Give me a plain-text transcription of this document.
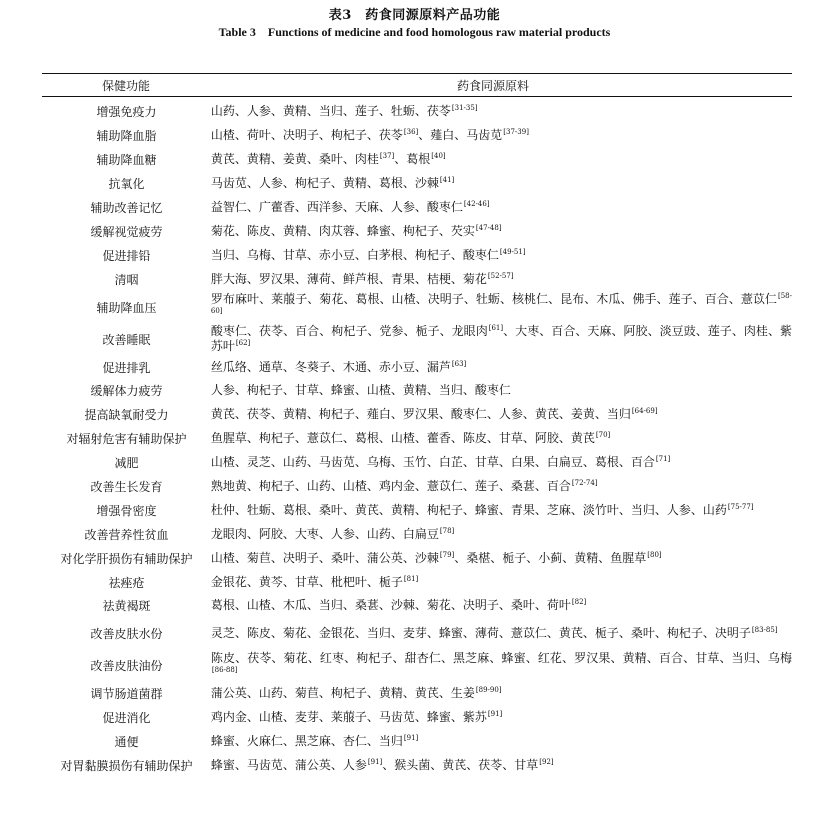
表3　药食同源原料产品功能
Table 3　Functions of medicine and food homologous raw material products
保健功能	药食同源原料
增强免疫力	山药、人参、黄精、当归、莲子、牡蛎、茯苓[31-35]
辅助降血脂	山楂、荷叶、决明子、枸杞子、茯苓[36]、薤白、马齿苋[37-39]
辅助降血糖	黄芪、黄精、姜黄、桑叶、肉桂[37]、葛根[40]
抗氧化	马齿苋、人参、枸杞子、黄精、葛根、沙棘[41]
辅助改善记忆	益智仁、广藿香、西洋参、天麻、人参、酸枣仁[42-46]
缓解视觉疲劳	菊花、陈皮、黄精、肉苁蓉、蜂蜜、枸杞子、芡实[47-48]
促进排铅	当归、乌梅、甘草、赤小豆、白茅根、枸杞子、酸枣仁[49-51]
清咽	胖大海、罗汉果、薄荷、鲜芦根、青果、桔梗、菊花[52-57]
辅助降血压	罗布麻叶、莱菔子、菊花、葛根、山楂、决明子、牡蛎、核桃仁、昆布、木瓜、佛手、莲子、百合、薏苡仁[58-60]
改善睡眠	酸枣仁、茯苓、百合、枸杞子、党参、栀子、龙眼肉[61]、大枣、百合、天麻、阿胶、淡豆豉、莲子、肉桂、紫苏叶[62]
促进排乳	丝瓜络、通草、冬葵子、木通、赤小豆、漏芦[63]
缓解体力疲劳	人参、枸杞子、甘草、蜂蜜、山楂、黄精、当归、酸枣仁
提高缺氧耐受力	黄芪、茯苓、黄精、枸杞子、薤白、罗汉果、酸枣仁、人参、黄芪、姜黄、当归[64-69]
对辐射危害有辅助保护	鱼腥草、枸杞子、薏苡仁、葛根、山楂、藿香、陈皮、甘草、阿胶、黄芪[70]
减肥	山楂、灵芝、山药、马齿苋、乌梅、玉竹、白芷、甘草、白果、白扁豆、葛根、百合[71]
改善生长发育	熟地黄、枸杞子、山药、山楂、鸡内金、薏苡仁、莲子、桑葚、百合[72-74]
增强骨密度	杜仲、牡蛎、葛根、桑叶、黄芪、黄精、枸杞子、蜂蜜、青果、芝麻、淡竹叶、当归、人参、山药[75-77]
改善营养性贫血	龙眼肉、阿胶、大枣、人参、山药、白扁豆[78]
对化学肝损伤有辅助保护	山楂、菊苣、决明子、桑叶、蒲公英、沙棘[79]、桑椹、栀子、小蓟、黄精、鱼腥草[80]
祛痤疮	金银花、黄芩、甘草、枇杷叶、栀子[81]
祛黄褐斑	葛根、山楂、木瓜、当归、桑葚、沙棘、菊花、决明子、桑叶、荷叶[82]
改善皮肤水份	灵芝、陈皮、菊花、金银花、当归、麦芽、蜂蜜、薄荷、薏苡仁、黄芪、栀子、桑叶、枸杞子、决明子[83-85]
改善皮肤油份	陈皮、茯苓、菊花、红枣、枸杞子、甜杏仁、黑芝麻、蜂蜜、红花、罗汉果、黄精、百合、甘草、当归、乌梅[86-88]
调节肠道菌群	蒲公英、山药、菊苣、枸杞子、黄精、黄芪、生姜[89-90]
促进消化	鸡内金、山楂、麦芽、莱菔子、马齿苋、蜂蜜、紫苏[91]
通便	蜂蜜、火麻仁、黑芝麻、杏仁、当归[91]
对胃黏膜损伤有辅助保护	蜂蜜、马齿苋、蒲公英、人参[91]、猴头菌、黄芪、茯苓、甘草[92]
